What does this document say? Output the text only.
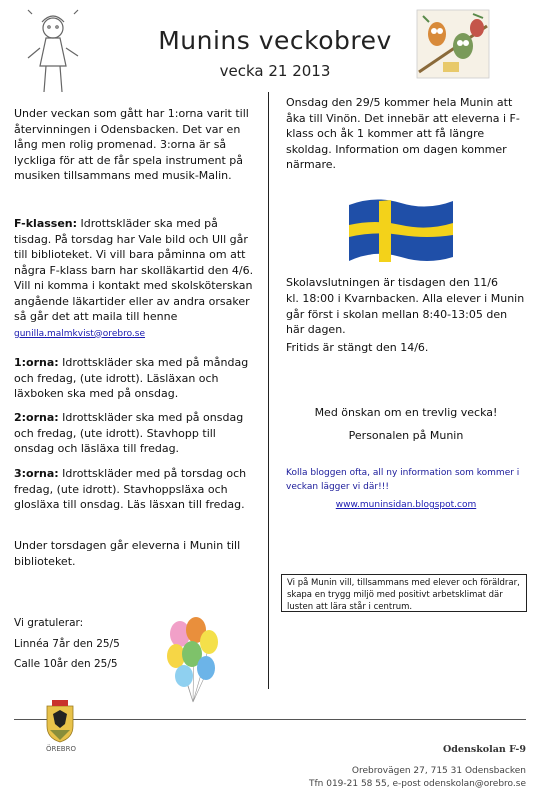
Munins veckobrev
vecka 21 2013
Under veckan som gått har 1:orna varit till återvinningen i Odensbacken. Det var en lång men rolig promenad. 3:orna är så lyckliga för att de får spela instrument på musiken tillsammans med musik-Malin.
F-klassen: Idrottskläder ska med på tisdag. På torsdag har Vale bild och Ull går till biblioteket. Vi vill bara påminna om att några F-klass barn har skolläkartid den 4/6. Vill ni komma i kontakt med skolsköterskan angående läkartider eller av andra orsaker så går det att maila till henne gunilla.malmkvist@orebro.se
1:orna: Idrottskläder ska med på måndag och fredag, (ute idrott). Läsläxan och läxboken ska med på onsdag.
2:orna: Idrottskläder ska med på onsdag och fredag, (ute idrott). Stavhopp till onsdag och läsläxa till fredag.
3:orna: Idrottskläder med på torsdag och fredag, (ute idrott). Stavhoppsläxa och glosläxa till onsdag. Läs läsxan till fredag.
Under torsdagen går eleverna i Munin till biblioteket.
Vi gratulerar:
Linnéa 7år den 25/5
Calle 10år den 25/5
Onsdag den 29/5 kommer hela Munin att åka till Vinön. Det innebär att eleverna i F-klass och åk 1 kommer att få längre skoldag. Information om dagen kommer närmare.
Skolavslutningen är tisdagen den 11/6
kl. 18:00 i Kvarnbacken. Alla elever i Munin går först i skolan mellan 8:40-13:05 den här dagen.
Fritids är stängt den 14/6.
Med önskan om en trevlig vecka!
Personalen på Munin
Kolla bloggen ofta, all ny information som kommer i veckan lägger vi där!!!
www.muninsidan.blogspot.com
Vi på Munin vill, tillsammans med elever och föräldrar, skapa en trygg miljö med positivt arbetsklimat där lusten att lära står i centrum.
ÖREBRO	Odenskolan F-9
Orebrovägen 27, 715 31 Odensbacken
Tfn 019-21 58 55, e-post odenskolan@orebro.se
